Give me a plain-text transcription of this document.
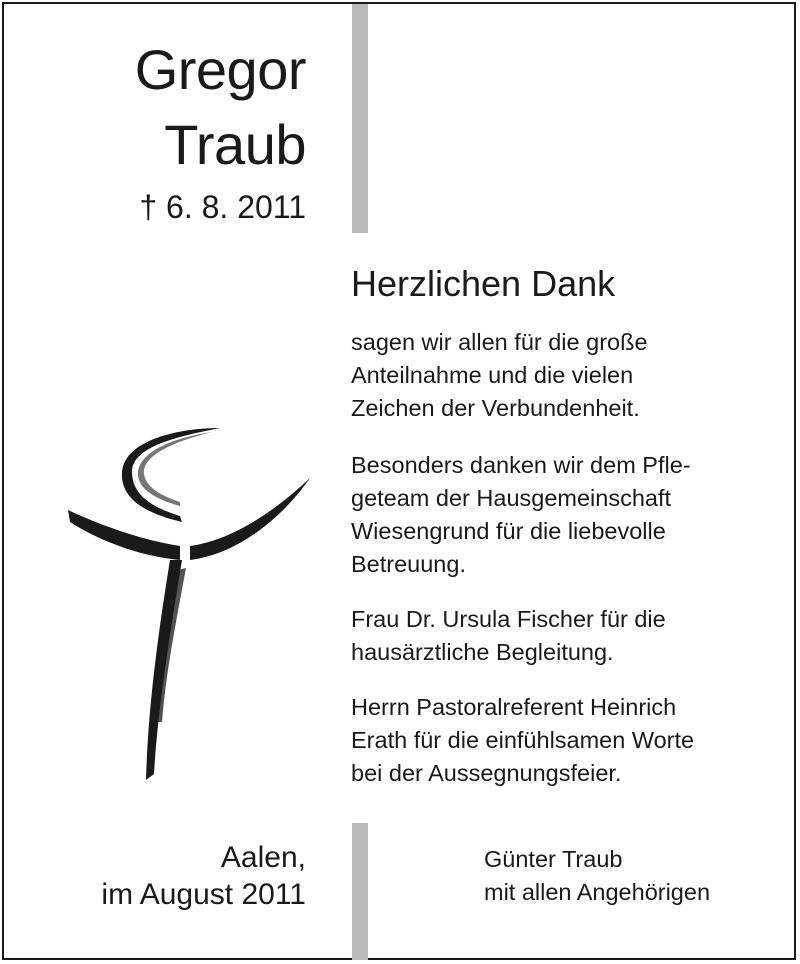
Gregor
Traub
† 6. 8. 2011
Herzlichen Dank
sagen wir allen für die große
Anteilnahme und die vielen
Zeichen der Verbundenheit.
Besonders danken wir dem Pfle-
geteam der Hausgemeinschaft
Wiesengrund für die liebevolle
Betreuung.
Frau Dr. Ursula Fischer für die
hausärztliche Begleitung.
Herrn Pastoralreferent Heinrich
Erath für die einfühlsamen Worte
bei der Aussegnungsfeier.
Aalen,
im August 2011
Günter Traub
mit allen Angehörigen
